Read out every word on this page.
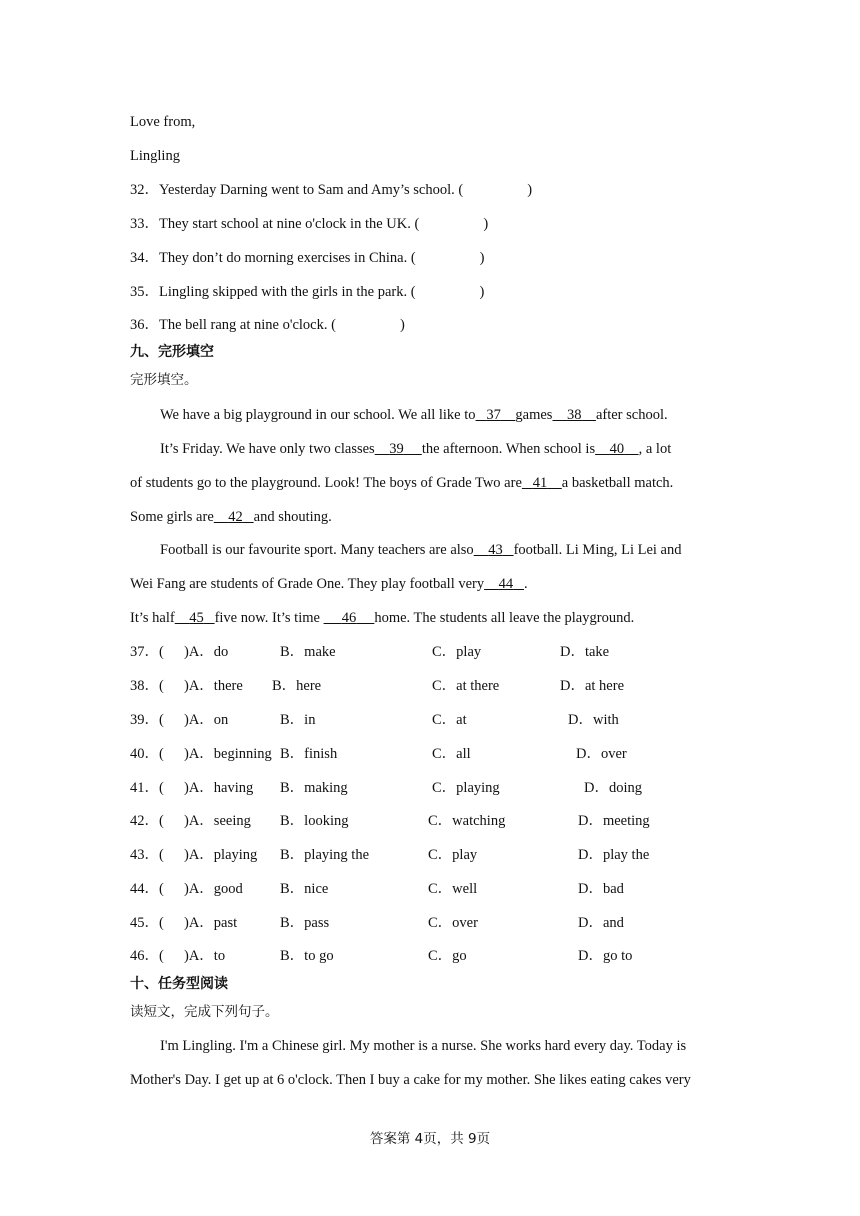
Love from,
Lingling
32．Yesterday Darning went to Sam and Amy’s school. (	)
33．They start school at nine o'clock in the UK. (	)
34．They don’t do morning exercises in China. (	)
35．Lingling skipped with the girls in the park. (	)
36．The bell rang at nine o'clock. (	)
九、完形填空
完形填空。
We have a big playground in our school. We all like to 37 games 38 after school.
It’s Friday. We have only two classes 39 the afternoon. When school is 40 , a lot
of students go to the playground. Look! The boys of Grade Two are 41 a basketball match.
Some girls are 42 and shouting.
Football is our favourite sport. Many teachers are also 43 football. Li Ming, Li Lei and
Wei Fang are students of Grade One. They play football very 44 .
It’s half 45 five now. It’s time 46 home. The students all leave the playground.
37．( )A．do	B．make	C．play	D．take
38．( )A．there B．here	C．at there	D．at here
39．( )A．on	B．in	C．at	D．with
40．( )A．beginning B．finish	C．all	D．over
41．( )A．having B．making	C．playing	D．doing
42．( )A．seeing B．looking	C．watching	D．meeting
43．( )A．playing B．playing the	C．play	D．play the
44．( )A．good	B．nice	C．well	D．bad
45．( )A．past	B．pass	C．over	D．and
46．( )A．to	B．to go	C．go	D．go to
十、任务型阅读
读短文，完成下列句子。
I'm Lingling. I'm a Chinese girl. My mother is a nurse. She works hard every day. Today is
Mother's Day. I get up at 6 o'clock. Then I buy a cake for my mother. She likes eating cakes very
答案第 4页，共 9页
